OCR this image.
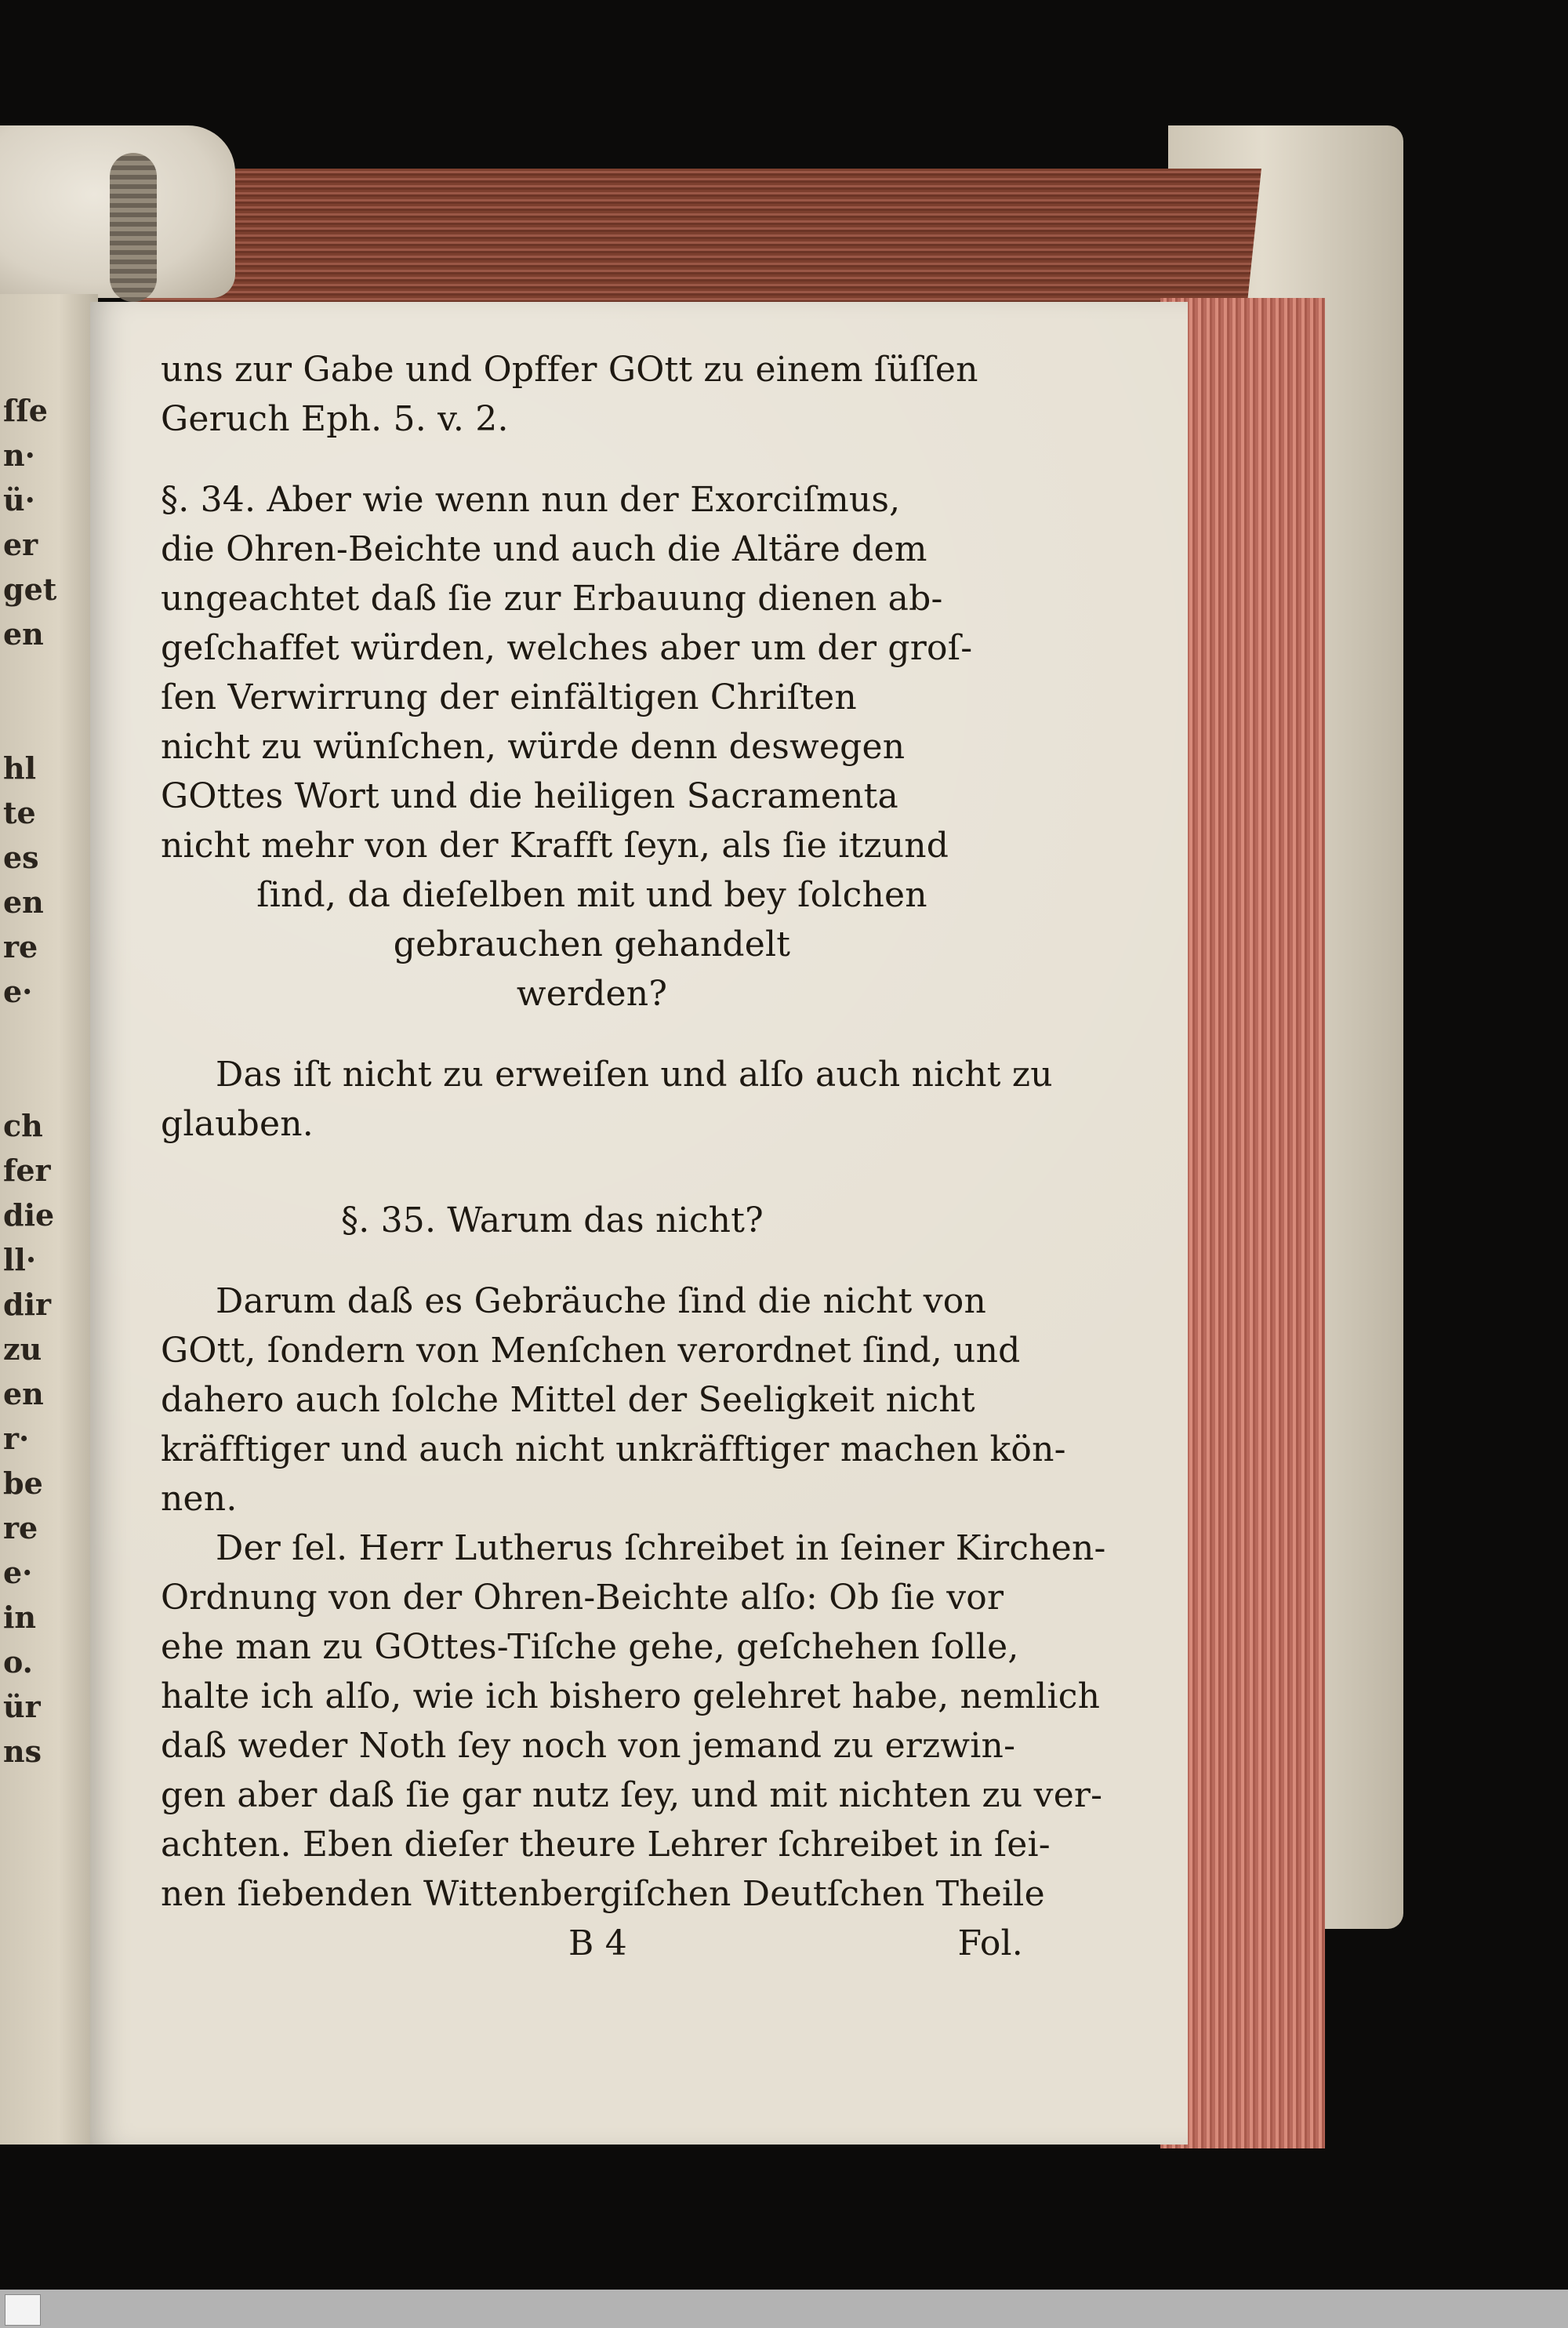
ſſe
n·
ü·
er
get
en
hl
te
es
en
re
e·
ch
fer
die
ll·
dir
zu
en
r·
be
re
e·
in
o.
ür
ns
uns zur Gabe und Opffer GOtt zu einem ſüſſen
Geruch Eph. 5. v. 2.
§. 34. Aber wie wenn nun der Exorciſmus,
die Ohren-Beichte und auch die Altäre dem
ungeachtet daß ſie zur Erbauung dienen ab-
geſchaffet würden, welches aber um der groſ-
ſen Verwirrung der einfältigen Chriſten
nicht zu wünſchen, würde denn deswegen
GOttes Wort und die heiligen Sacramenta
nicht mehr von der Krafft ſeyn, als ſie itzund
ſind, da dieſelben mit und bey ſolchen
gebrauchen gehandelt
werden?
Das iſt nicht zu erweiſen und alſo auch nicht zu
glauben.
§. 35. Warum das nicht?
Darum daß es Gebräuche ſind die nicht von
GOtt, ſondern von Menſchen verordnet ſind, und
dahero auch ſolche Mittel der Seeligkeit nicht
kräfftiger und auch nicht unkräfftiger machen kön-
nen.
Der ſel. Herr Lutherus ſchreibet in ſeiner Kirchen-
Ordnung von der Ohren-Beichte alſo: Ob ſie vor
ehe man zu GOttes-Tiſche gehe, geſchehen ſolle,
halte ich alſo, wie ich bishero gelehret habe, nemlich
daß weder Noth ſey noch von jemand zu erzwin-
gen aber daß ſie gar nutz ſey, und mit nichten zu ver-
achten. Eben dieſer theure Lehrer ſchreibet in ſei-
nen ſiebenden Wittenbergiſchen Deutſchen Theile
B 4	Fol.
